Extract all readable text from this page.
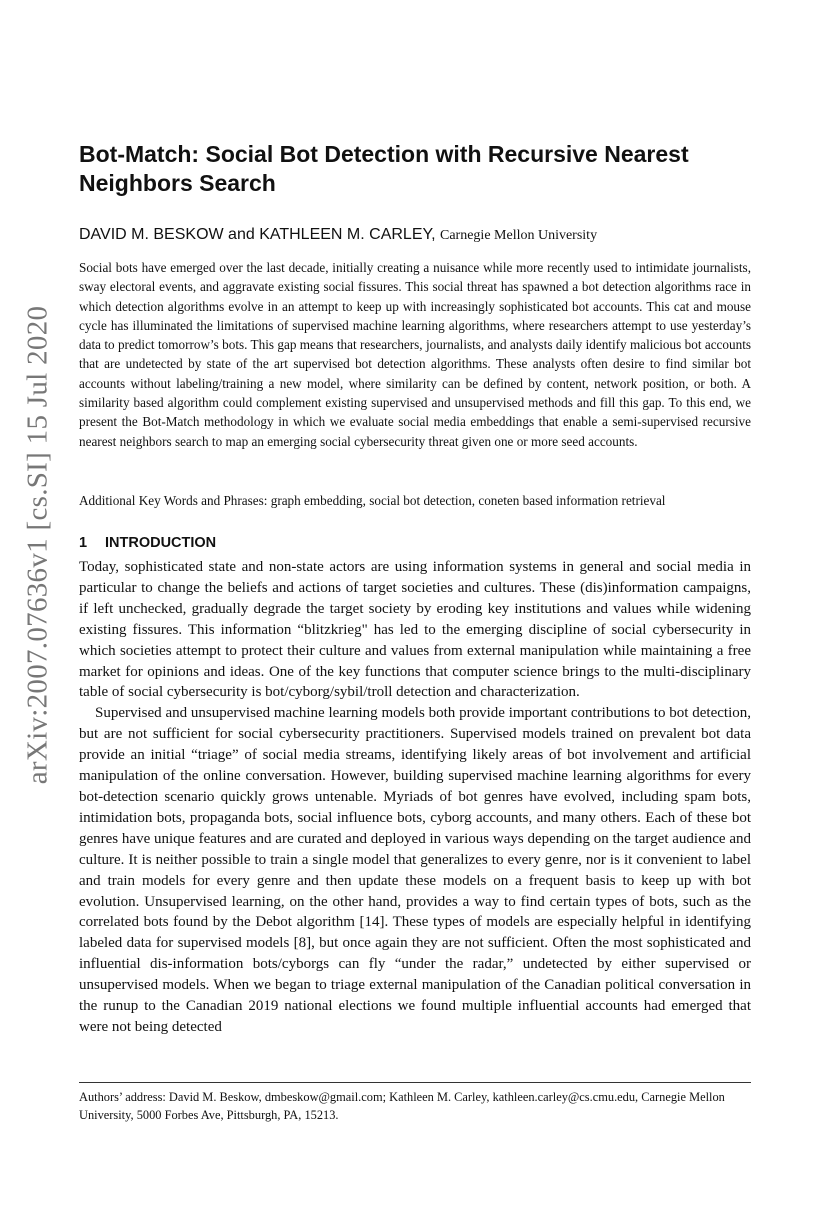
arXiv:2007.07636v1 [cs.SI] 15 Jul 2020
Bot-Match: Social Bot Detection with Recursive Nearest Neighbors Search
DAVID M. BESKOW and KATHLEEN M. CARLEY, Carnegie Mellon University

Social bots have emerged over the last decade, initially creating a nuisance while more recently used to intimidate journalists, sway electoral events, and aggravate existing social fissures. This social threat has spawned a bot detection algorithms race in which detection algorithms evolve in an attempt to keep up with increasingly sophisticated bot accounts. This cat and mouse cycle has illuminated the limitations of supervised machine learning algorithms, where researchers attempt to use yesterday’s data to predict tomorrow’s bots. This gap means that researchers, journalists, and analysts daily identify malicious bot accounts that are undetected by state of the art supervised bot detection algorithms. These analysts often desire to find similar bot accounts without labeling/training a new model, where similarity can be defined by content, network position, or both. A similarity based algorithm could complement existing supervised and unsupervised methods and fill this gap. To this end, we present the Bot-Match methodology in which we evaluate social media embeddings that enable a semi-supervised recursive nearest neighbors search to map an emerging social cybersecurity threat given one or more seed accounts.

Additional Key Words and Phrases: graph embedding, social bot detection, coneten based information retrieval

1 INTRODUCTION

Today, sophisticated state and non-state actors are using information systems in general and social media in particular to change the beliefs and actions of target societies and cultures. These (dis)information campaigns, if left unchecked, gradually degrade the target society by eroding key institutions and values while widening existing fissures. This information “blitzkrieg" has led to the emerging discipline of social cybersecurity in which societies attempt to protect their culture and values from external manipulation while maintaining a free market for opinions and ideas. One of the key functions that computer science brings to the multi-disciplinary table of social cybersecurity is bot/cyborg/sybil/troll detection and characterization.

Supervised and unsupervised machine learning models both provide important contributions to bot detection, but are not sufficient for social cybersecurity practitioners. Supervised models trained on prevalent bot data provide an initial “triage” of social media streams, identifying likely areas of bot involvement and artificial manipulation of the online conversation. However, building supervised machine learning algorithms for every bot-detection scenario quickly grows untenable. Myriads of bot genres have evolved, including spam bots, intimidation bots, propaganda bots, social influence bots, cyborg accounts, and many others. Each of these bot genres have unique features and are curated and deployed in various ways depending on the target audience and culture. It is neither possible to train a single model that generalizes to every genre, nor is it convenient to label and train models for every genre and then update these models on a frequent basis to keep up with bot evolution. Unsupervised learning, on the other hand, provides a way to find certain types of bots, such as the correlated bots found by the Debot algorithm [14]. These types of models are especially helpful in identifying labeled data for supervised models [8], but once again they are not sufficient. Often the most sophisticated and influential dis-information bots/cyborgs can fly “under the radar,” undetected by either supervised or unsupervised models. When we began to triage external manipulation of the Canadian political conversation in the runup to the Canadian 2019 national elections we found multiple influential accounts had emerged that were not being detected

Authors’ address: David M. Beskow, dmbeskow@gmail.com; Kathleen M. Carley, kathleen.carley@cs.cmu.edu, Carnegie Mellon University, 5000 Forbes Ave, Pittsburgh, PA, 15213.
